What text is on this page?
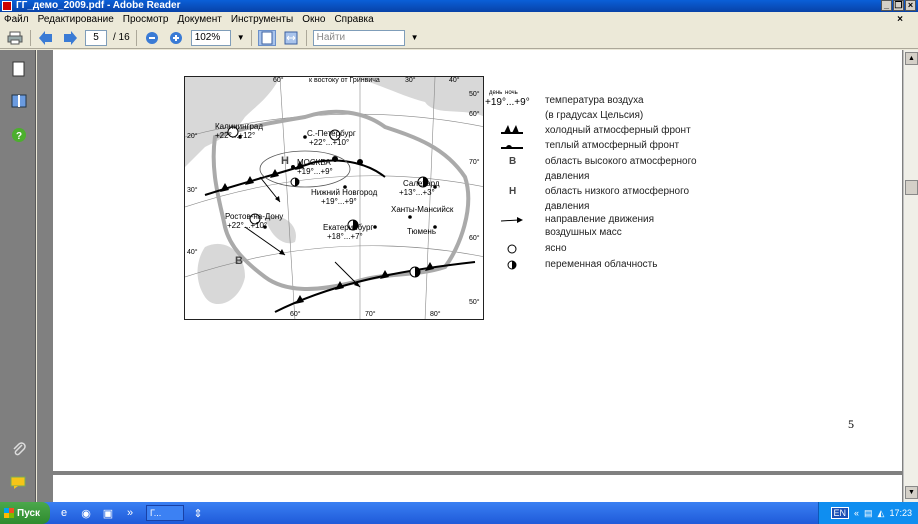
ГГ_демо_2009.pdf - Adobe Reader	_ ❐ ×
Файл Редактирование Просмотр Документ Инструменты Окно Справка	×
5	/ 16	102%	▼	Найти	▼
?
60°	к востоку от Гринвича	30°	40°
60°	70°	80°
20°
30°
40°
50°
60°
70°
60°
50°
Калининград
+22°...+12°	С.-Петербург
+22°...+10°
МОСКВА
+19°...+9°
Нижний Новгород
+19°...+9°
Салехард
+13°...+3°
Ханты-Мансийск
Ростов-на-Дону
+22°...+10°	Екатеринбург
+18°...+7°
Тюмень
Н
В
день ночь
+19°...+9° температура воздуха
(в градусах Цельсия)
холодный атмосферный фронт
теплый атмосферный фронт
В	область высокого атмосферного
давления
Н	область низкого атмосферного
давления
направление движения
воздушных масс
ясно
переменная облачность
5
▲
▼
Пуск	e	◉ ▣	»	Г...	⇕	EN « ▤ ◭ 17:23
